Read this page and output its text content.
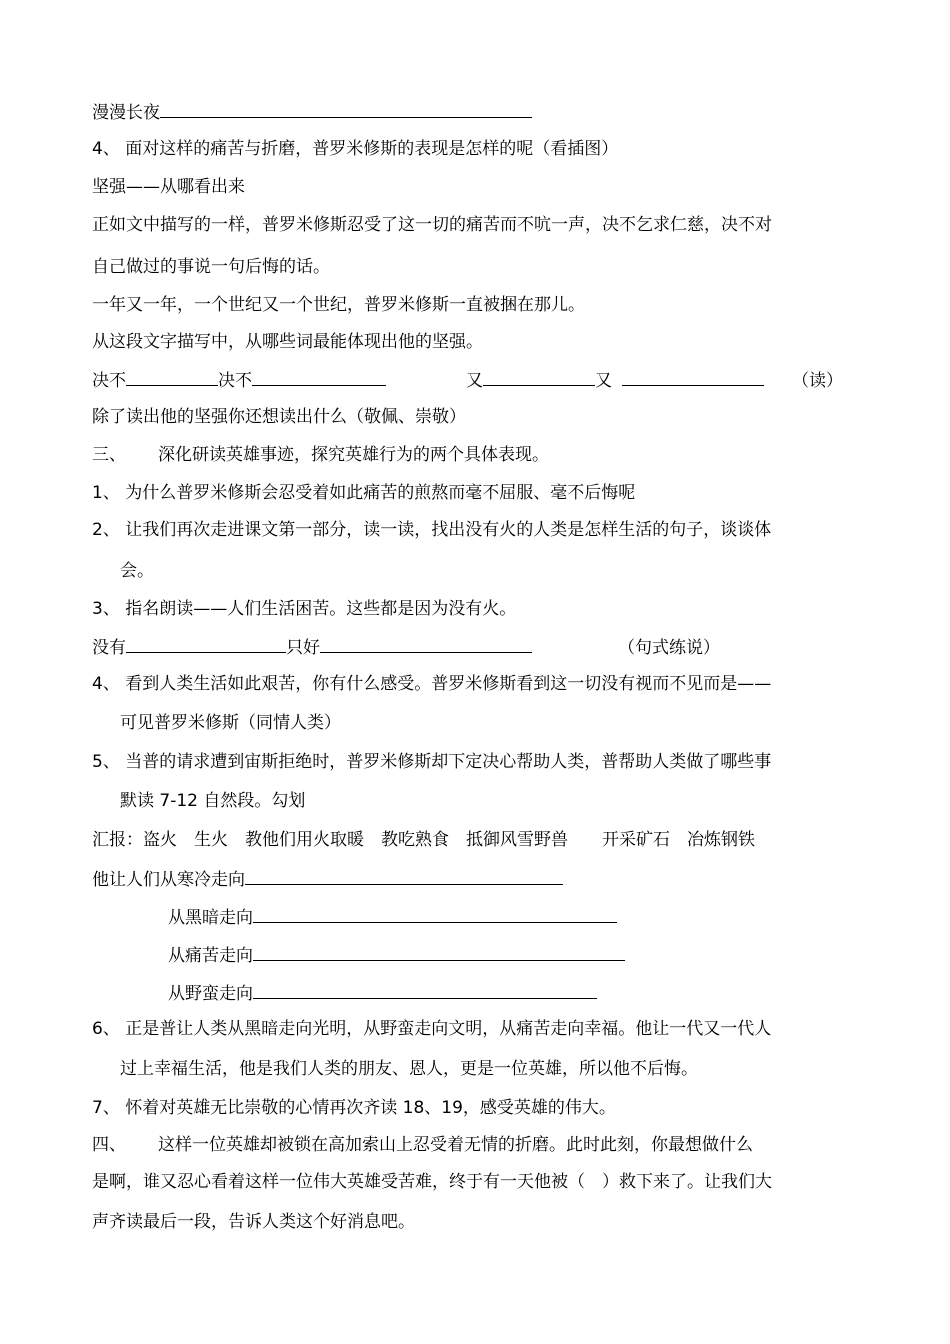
漫漫长夜
4、 面对这样的痛苦与折磨，普罗米修斯的表现是怎样的呢（看插图）
坚强——从哪看出来
正如文中描写的一样，普罗米修斯忍受了这一切的痛苦而不吭一声，决不乞求仁慈，决不对
自己做过的事说一句后悔的话。
一年又一年，一个世纪又一个世纪，普罗米修斯一直被捆在那儿。
从这段文字描写中，从哪些词最能体现出他的坚强。
决不	决不	又	又	（读）
除了读出他的坚强你还想读出什么（敬佩、崇敬）
三、 深化研读英雄事迹，探究英雄行为的两个具体表现。
1、 为什么普罗米修斯会忍受着如此痛苦的煎熬而毫不屈服、毫不后悔呢
2、 让我们再次走进课文第一部分，读一读，找出没有火的人类是怎样生活的句子，谈谈体
会。
3、 指名朗读——人们生活困苦。这些都是因为没有火。
没有	只好	（句式练说）
4、 看到人类生活如此艰苦，你有什么感受。普罗米修斯看到这一切没有视而不见而是——
可见普罗米修斯（同情人类）
5、 当普的请求遭到宙斯拒绝时，普罗米修斯却下定决心帮助人类，普帮助人类做了哪些事
默读 7-12 自然段。勾划
汇报：盗火　生火　教他们用火取暖　教吃熟食　抵御风雪野兽　　开采矿石　冶炼钢铁
他让人们从寒冷走向
从黑暗走向
从痛苦走向
从野蛮走向
6、 正是普让人类从黑暗走向光明，从野蛮走向文明，从痛苦走向幸福。他让一代又一代人
过上幸福生活，他是我们人类的朋友、恩人，更是一位英雄，所以他不后悔。
7、 怀着对英雄无比崇敬的心情再次齐读 18、19，感受英雄的伟大。
四、 这样一位英雄却被锁在高加索山上忍受着无情的折磨。此时此刻，你最想做什么
是啊，谁又忍心看着这样一位伟大英雄受苦难，终于有一天他被（　）救下来了。让我们大
声齐读最后一段，告诉人类这个好消息吧。
